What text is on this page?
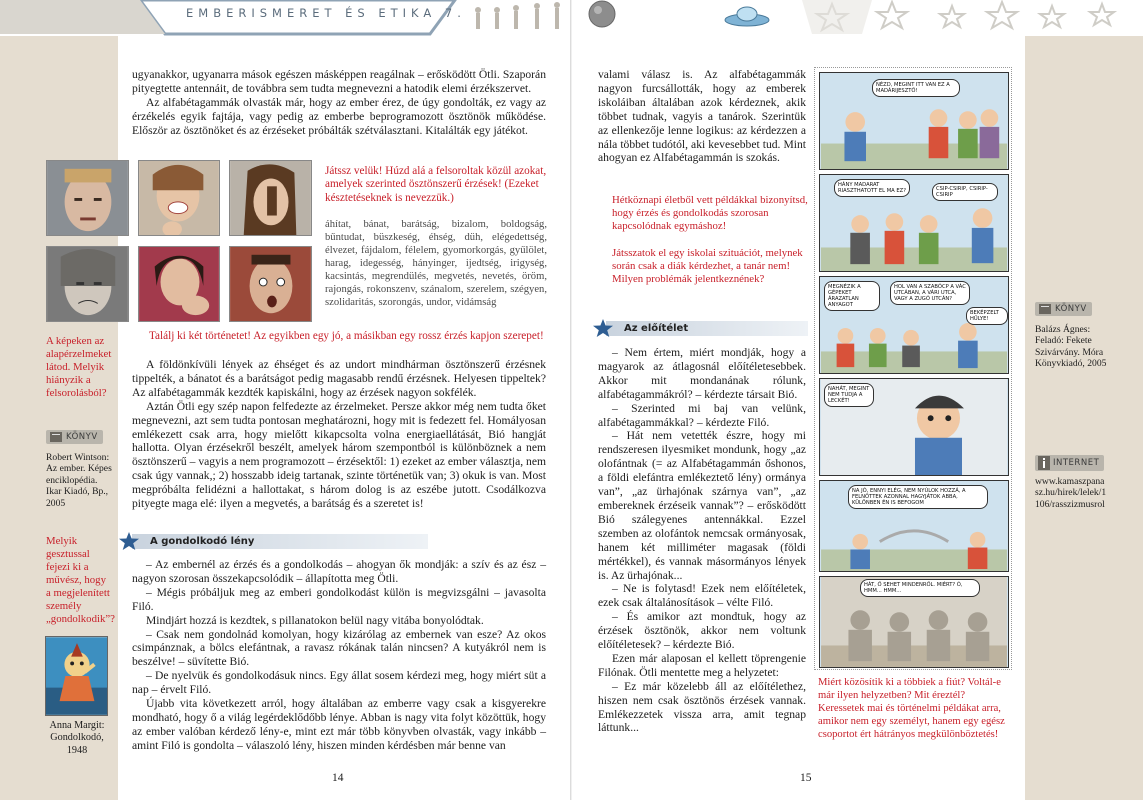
EMBERISMERET ÉS ETIKA 7.

ugyanakkor, ugyanarra mások egészen másképpen reagálnak – erősködött Ötli. Szaporán pityegtette antennáit, de továbbra sem tudta megnevezni a hatodik elemi érzékszervet.

Az alfabétagammák olvasták már, hogy az ember érez, de úgy gondolták, ez vagy az érzékelés egyik fajtája, vagy pedig az emberbe beprogramozott ösztönök működése. Először az ösztönöket és az érzéseket próbálták szétválasztani. Kitalálták egy játékot.

Játssz velük! Húzd alá a felsoroltak közül azokat, amelyek szerinted ösztönszerű érzések! (Ezeket késztetéseknek is nevezzük.)
áhítat, bánat, barátság, bizalom, boldogság, bűntudat, büszkeség, éhség, düh, elégedettség, élvezet, fájdalom, félelem, gyomorkorgás, gyűlölet, harag, idegesség, hányinger, ijedtség, irigység, kacsintás, megrendülés, megvetés, nevetés, öröm, rajongás, rokonszenv, szánalom, szerelem, szégyen, szolidaritás, szorongás, undor, vidámság
Találj ki két történetet! Az egyikben egy jó, a másikban egy rossz érzés kapjon szerepet!
A képeken az alapérzelmeket látod. Melyik hiányzik a felsorolásból?
KÖNYV
Robert Wintson: Az ember. Képes enciklopédia. Ikar Kiadó, Bp., 2005
Melyik gesztussal fejezi ki a művész, hogy a megjelenített személy „gondolkodik”?
Anna Margit: Gondolkodó, 1948

A földönkívüli lények az éhséget és az undort mindhárman ösztönszerű érzésnek tippelték, a bánatot és a barátságot pedig magasabb rendű érzésnek. Helyesen tippeltek? Az alfabétagammák kezdték kapiskálni, hogy az érzések nagyon sokfélék.

Aztán Ötli egy szép napon felfedezte az érzelmeket. Persze akkor még nem tudta őket megnevezni, azt sem tudta pontosan meghatározni, hogy mit is fedezett fel. Homályosan emlékezett csak arra, hogy mielőtt kikapcsolta volna energiaellátását, Bió hangját hallotta. Olyan érzésekről beszélt, amelyek három szempontból is különböznek a nem ösztönszerű – vagyis a nem programozott – érzésektől: 1) ezeket az ember választja, nem csak úgy vannak,; 2) hosszabb ideig tartanak, szinte történetük van; 3) okuk is van. Most megpróbálta felidézni a hallottakat, s három dolog is az eszébe jutott. Csodálkozva pityegte maga elé: ilyen a megvetés, a barátság és a szeretet is!

A gondolkodó lény

– Az embernél az érzés és a gondolkodás – ahogyan ők mondják: a szív és az ész – nagyon szorosan összekapcsolódik – állapította meg Ötli.

– Mégis próbáljuk meg az emberi gondolkodást külön is megvizsgálni – javasolta Filó.

Mindjárt hozzá is kezdtek, s pillanatokon belül nagy vitába bonyolódtak.

– Csak nem gondolnád komolyan, hogy kizárólag az embernek van esze? Az okos csimpánznak, a bölcs elefántnak, a ravasz rókának talán nincsen? A kutyákról nem is beszélve! – süvítette Bió.

– De nyelvük és gondolkodásuk nincs. Egy állat sosem kérdezi meg, hogy miért süt a nap – érvelt Filó.

Újabb vita következett arról, hogy általában az emberre vagy csak a kisgyerekre mondható, hogy ő a világ legérdeklődőbb lénye. Abban is nagy vita folyt közöttük, hogy az ember valóban kérdező lény-e, mint ezt már több könyvben olvasták, vagy inkább – amint Filó is gondolta – válaszoló lény, hiszen minden kérdésben már benne van

14
valami válasz is. Az alfabétagammák nagyon furcsállották, hogy az emberek iskoláiban általában azok kérdeznek, akik többet tudnak, vagyis a tanárok. Szerintük az ellenkezője lenne logikus: az kérdezzen a nála többet tudótól, aki kevesebbet tud. Mint ahogyan ez Alfabétagammán is szokás.
Hétköznapi életből vett példákkal bizonyítsd, hogy érzés és gondolkodás szorosan kapcsolódnak egymáshoz!
Játsszatok el egy iskolai szituációt, melynek során csak a diák kérdezhet, a tanár nem! Milyen problémák jelentkeznének?
Az előítélet

– Nem értem, miért mondják, hogy a magyarok az átlagosnál előítéletesebbek. Akkor mit mondanának rólunk, alfabétagammákról? – kérdezte társait Bió.

– Szerinted mi baj van velünk, alfabétagammákkal? – kérdezte Filó.

– Hát nem vetették észre, hogy mi rendszeresen ilyesmiket mondunk, hogy „az olofántnak (= az Alfabétagammán őshonos, a földi elefántra emlékeztető lény) ormánya van”, „az ürhajónak szárnya van”, „az embereknek érzéseik vannak”? – erősködött Bió szálegyenes antennákkal. Ezzel szemben az olofántok nemcsak ormányosak, hanem két milliméter magasak (földi mértékkel), és vannak másormányos lények is. Az ürhajónak...

– Ne is folytasd! Ezek nem előítéletek, ezek csak általánosítások – vélte Filó.

– És amikor azt mondtuk, hogy az érzések ösztönök, akkor nem voltunk előítéletesek? – kérdezte Bió.

Ezen már alaposan el kellett töprengenie Filónak. Ötli mentette meg a helyzetet:

– Ez már közelebb áll az előítélethez, hiszen nem csak ösztönös érzések vannak. Emlékezzetek vissza arra, amit tegnap láttunk...

KÖNYV
Balázs Ágnes: Feladó: Fekete Szivárvány. Móra Könyvkiadó, 2005
INTERNET
www.kamaszpanasz.hu/hirek/lelek/1106/rasszizmusrol
15
NÉZD, MEGINT ITT VAN EZ A MADÁRIJESZTŐ!
HÁNY MADARAT RIASZTHATOTT EL MA EZ?	CSIP-CSIRIP, CSIRIP-CSIRIP
MEGNÉZIK A GÉPEKET ÁRAZATLAN ANYAGOT
HOL VAN A SZABÓCP A VÁC UTCÁBAN, A VÁRI UTCA, VAGY A ZUGÓ UTCÁN?
BEKÉPZELT HÜLYE!
NAHÁT, MEGINT NEM TUDJA A LECKÉT!
NA JÓ, ENNYI ELÉG, NEM NYÚLOK HOZZÁ, A FELNŐTTEK AZONNAL HAGYJÁTOK ABBA, KÜLÖNBEN ÉN IS BEFOGOM
HÁT, Ő SEHET MINDENRŐL. MIÉRT? Ó, HMM... HMM...
Miért közösítik ki a többiek a fiút? Voltál-e már ilyen helyzetben? Mit éreztél? Keressetek mai és történelmi példákat arra, amikor nem egy személyt, hanem egy egész csoportot ért hátrányos megkülönböztetés!
